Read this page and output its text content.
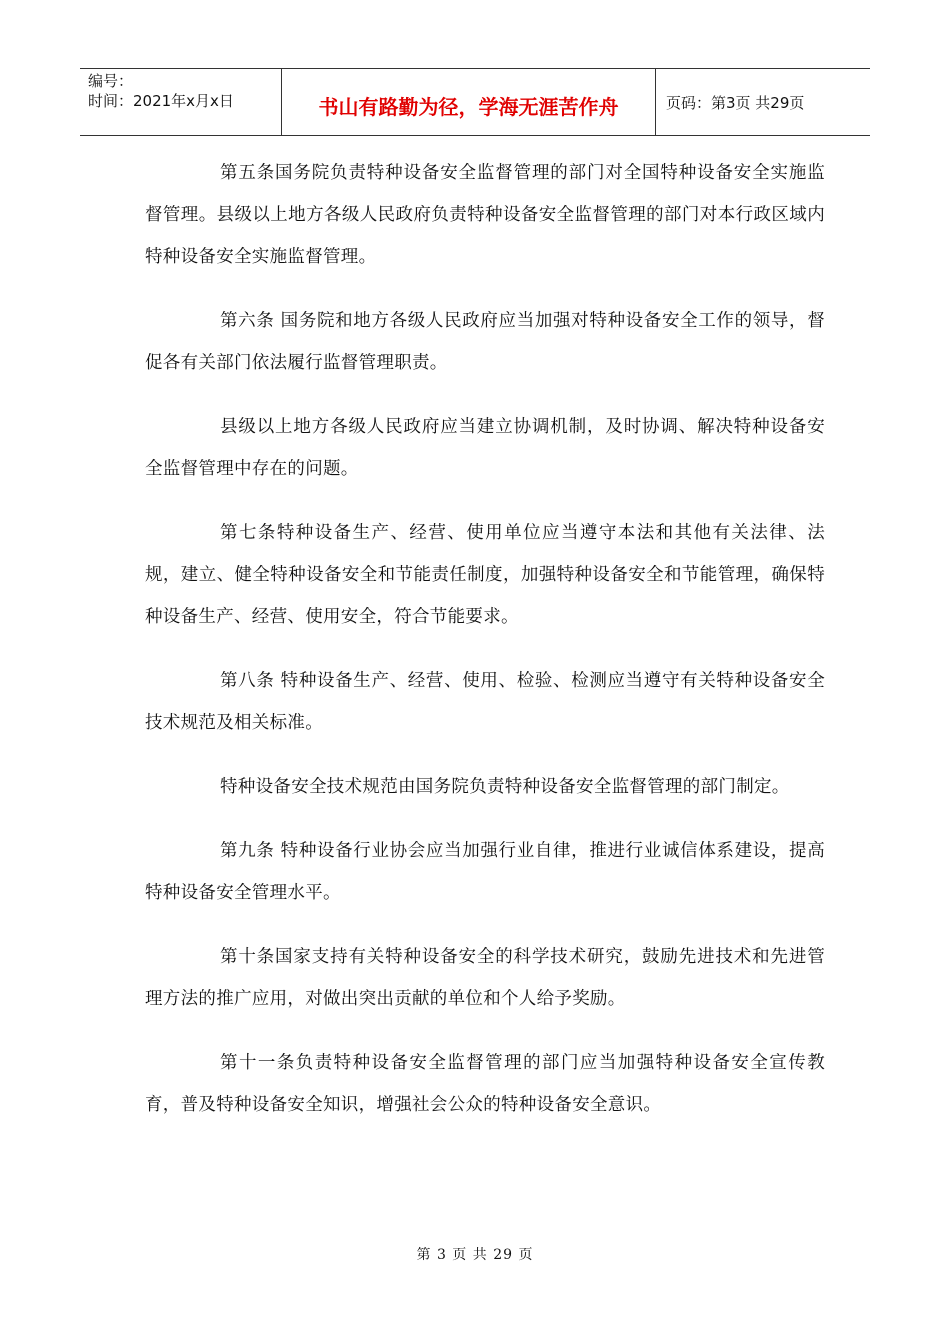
编号：
时间：2021年x月x日	书山有路勤为径，学海无涯苦作舟	页码：第3页 共29页

第五条国务院负责特种设备安全监督管理的部门对全国特种设备安全实施监督管理。县级以上地方各级人民政府负责特种设备安全监督管理的部门对本行政区域内特种设备安全实施监督管理。

第六条 国务院和地方各级人民政府应当加强对特种设备安全工作的领导，督促各有关部门依法履行监督管理职责。

县级以上地方各级人民政府应当建立协调机制，及时协调、解决特种设备安全监督管理中存在的问题。

第七条特种设备生产、经营、使用单位应当遵守本法和其他有关法律、法规，建立、健全特种设备安全和节能责任制度，加强特种设备安全和节能管理，确保特种设备生产、经营、使用安全，符合节能要求。

第八条 特种设备生产、经营、使用、检验、检测应当遵守有关特种设备安全技术规范及相关标准。

特种设备安全技术规范由国务院负责特种设备安全监督管理的部门制定。

第九条 特种设备行业协会应当加强行业自律，推进行业诚信体系建设，提高特种设备安全管理水平。

第十条国家支持有关特种设备安全的科学技术研究，鼓励先进技术和先进管理方法的推广应用，对做出突出贡献的单位和个人给予奖励。

第十一条负责特种设备安全监督管理的部门应当加强特种设备安全宣传教育，普及特种设备安全知识，增强社会公众的特种设备安全意识。

第 3 页 共 29 页
